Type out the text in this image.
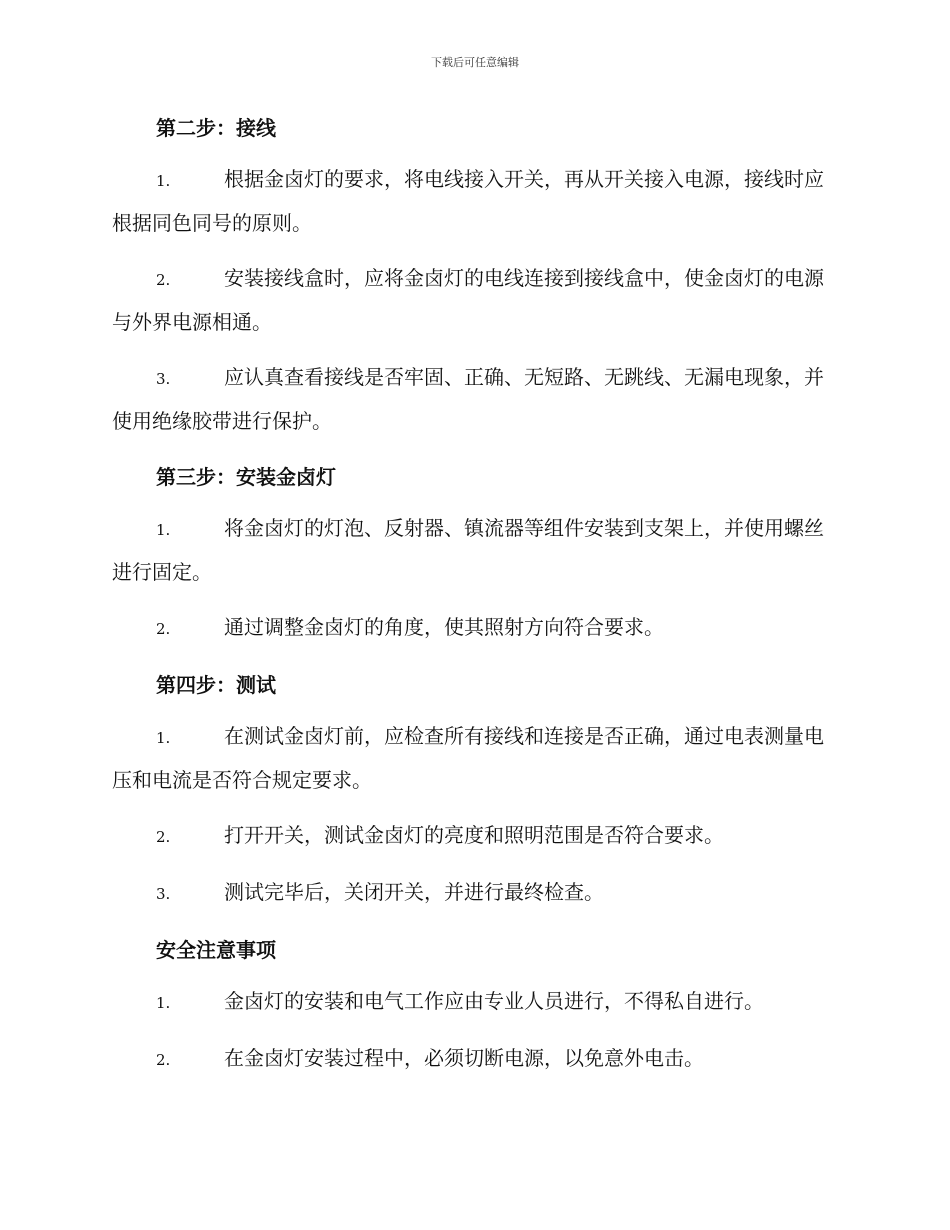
下载后可任意编辑
第二步：接线
1.	根据金卤灯的要求，将电线接入开关，再从开关接入电源，接线时应根据同色同号的原则。
2.	安装接线盒时，应将金卤灯的电线连接到接线盒中，使金卤灯的电源与外界电源相通。
3.	应认真查看接线是否牢固、正确、无短路、无跳线、无漏电现象，并使用绝缘胶带进行保护。
第三步：安装金卤灯
1.	将金卤灯的灯泡、反射器、镇流器等组件安装到支架上，并使用螺丝进行固定。
2.	通过调整金卤灯的角度，使其照射方向符合要求。
第四步：测试
1.	在测试金卤灯前，应检查所有接线和连接是否正确，通过电表测量电压和电流是否符合规定要求。
2.	打开开关，测试金卤灯的亮度和照明范围是否符合要求。
3.	测试完毕后，关闭开关，并进行最终检查。
安全注意事项
1.	金卤灯的安装和电气工作应由专业人员进行，不得私自进行。
2.	在金卤灯安装过程中，必须切断电源，以免意外电击。
